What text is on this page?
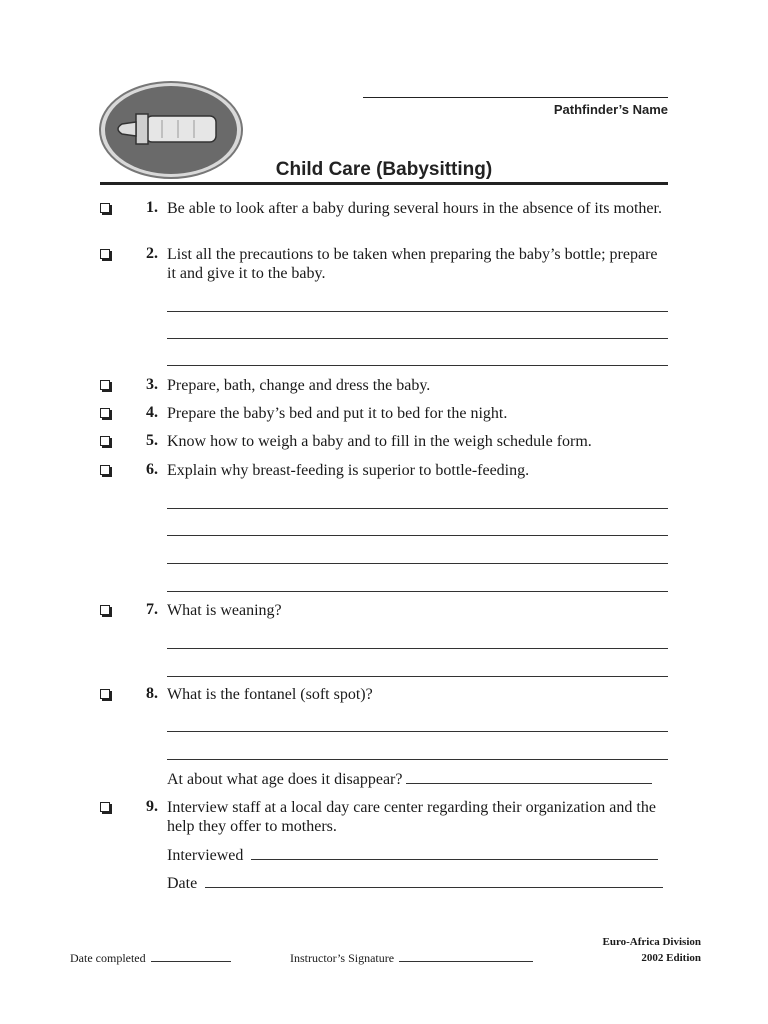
Pathfinder’s Name
Child Care (Babysitting)
1. Be able to look after a baby during several hours in the absence of its mother.
2. List all the precautions to be taken when preparing the baby’s bottle; prepare it and give it to the baby.
3. Prepare, bath, change and dress the baby.
4. Prepare the baby’s bed and put it to bed for the night.
5. Know how to weigh a baby and to fill in the weigh schedule form.
6. Explain why breast-feeding is superior to bottle-feeding.
7. What is weaning?
8. What is the fontanel (soft spot)?
At about what age does it disappear?
9. Interview staff at a local day care center regarding their organization and the help they offer to mothers.
Interviewed
Date
Date completed	Instructor’s Signature
Euro-Africa Division
2002 Edition
